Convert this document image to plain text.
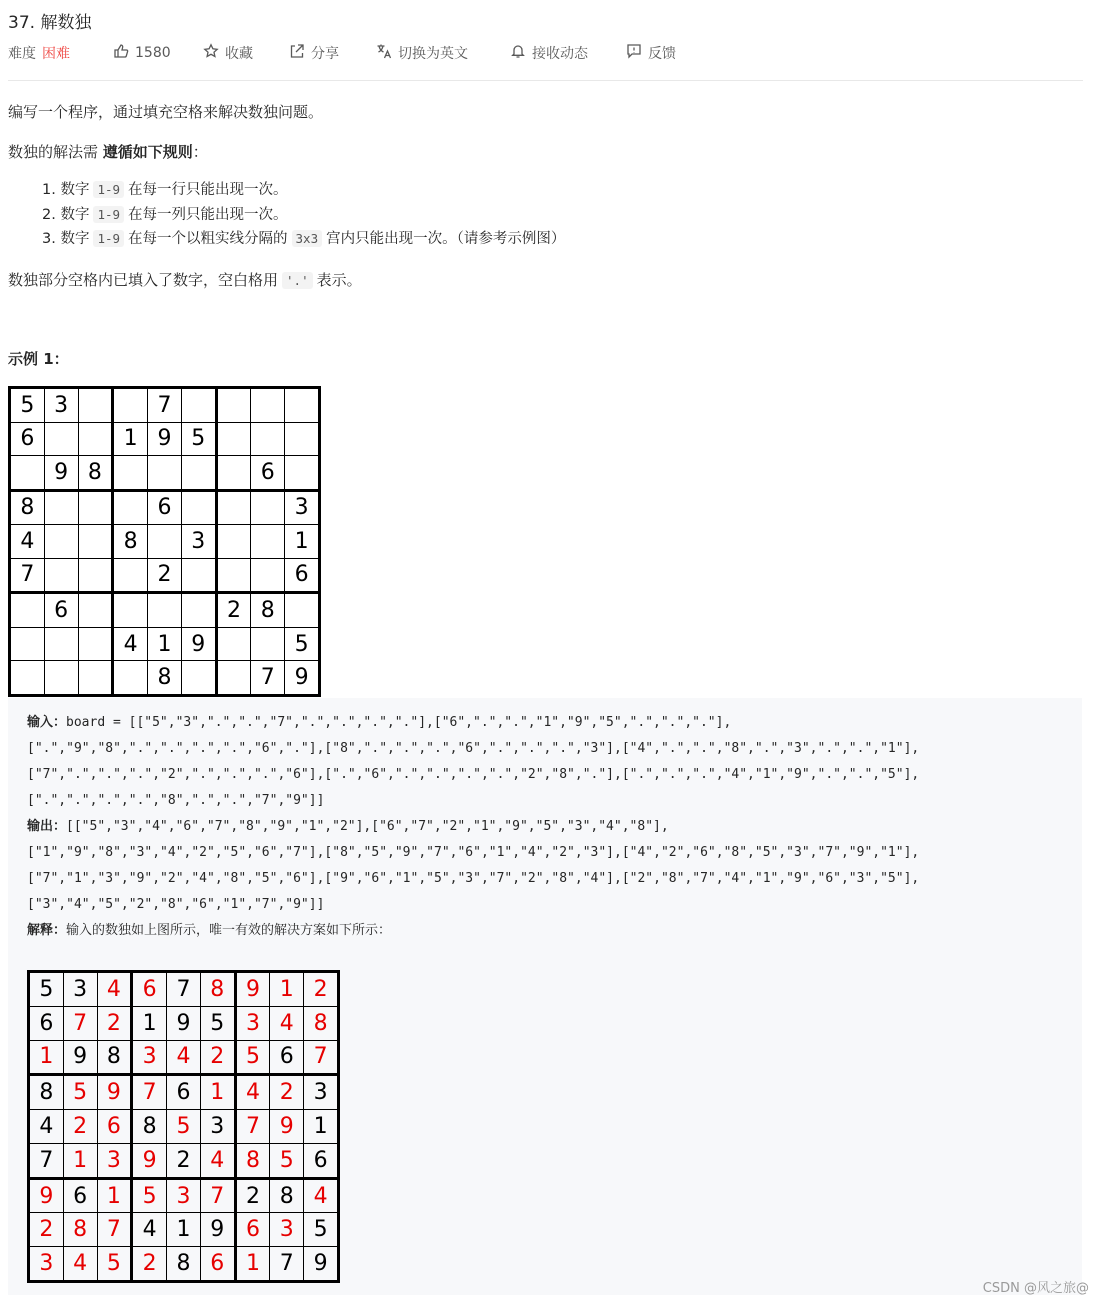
37. 解数独
难度 困难	1580	收藏	分享	切换为英文	接收动态	反馈
编写一个程序，通过填充空格来解决数独问题。
数独的解法需 遵循如下规则：
1. 数字 1-9 在每一行只能出现一次。
2. 数字 1-9 在每一列只能出现一次。
3. 数字 1-9 在每一个以粗实线分隔的 3x3 宫内只能出现一次。（请参考示例图）
数独部分空格内已填入了数字，空白格用 '.' 表示。
示例 1：
5	3			7				
6			1	9	5			
	9	8					6	
8				6				3
4			8		3			1
7				2				6
	6					2	8	
			4	1	9			5
				8			7	9
输入：board = [["5","3",".",".","7",".",".",".","."],["6",".",".","1","9","5",".",".","."],
[".","9","8",".",".",".",".","6","."],["8",".",".",".","6",".",".",".","3"],["4",".",".","8",".","3",".",".","1"],
["7",".",".",".","2",".",".",".","6"],[".","6",".",".",".",".","2","8","."],[".",".",".","4","1","9",".",".","5"],
[".",".",".",".","8",".",".","7","9"]]
输出：[["5","3","4","6","7","8","9","1","2"],["6","7","2","1","9","5","3","4","8"],
["1","9","8","3","4","2","5","6","7"],["8","5","9","7","6","1","4","2","3"],["4","2","6","8","5","3","7","9","1"],
["7","1","3","9","2","4","8","5","6"],["9","6","1","5","3","7","2","8","4"],["2","8","7","4","1","9","6","3","5"],
["3","4","5","2","8","6","1","7","9"]]
解释：输入的数独如上图所示，唯一有效的解决方案如下所示：
5	3	4	6	7	8	9	1	2
6	7	2	1	9	5	3	4	8
1	9	8	3	4	2	5	6	7
8	5	9	7	6	1	4	2	3
4	2	6	8	5	3	7	9	1
7	1	3	9	2	4	8	5	6
9	6	1	5	3	7	2	8	4
2	8	7	4	1	9	6	3	5
3	4	5	2	8	6	1	7	9
CSDN @风之旅@
